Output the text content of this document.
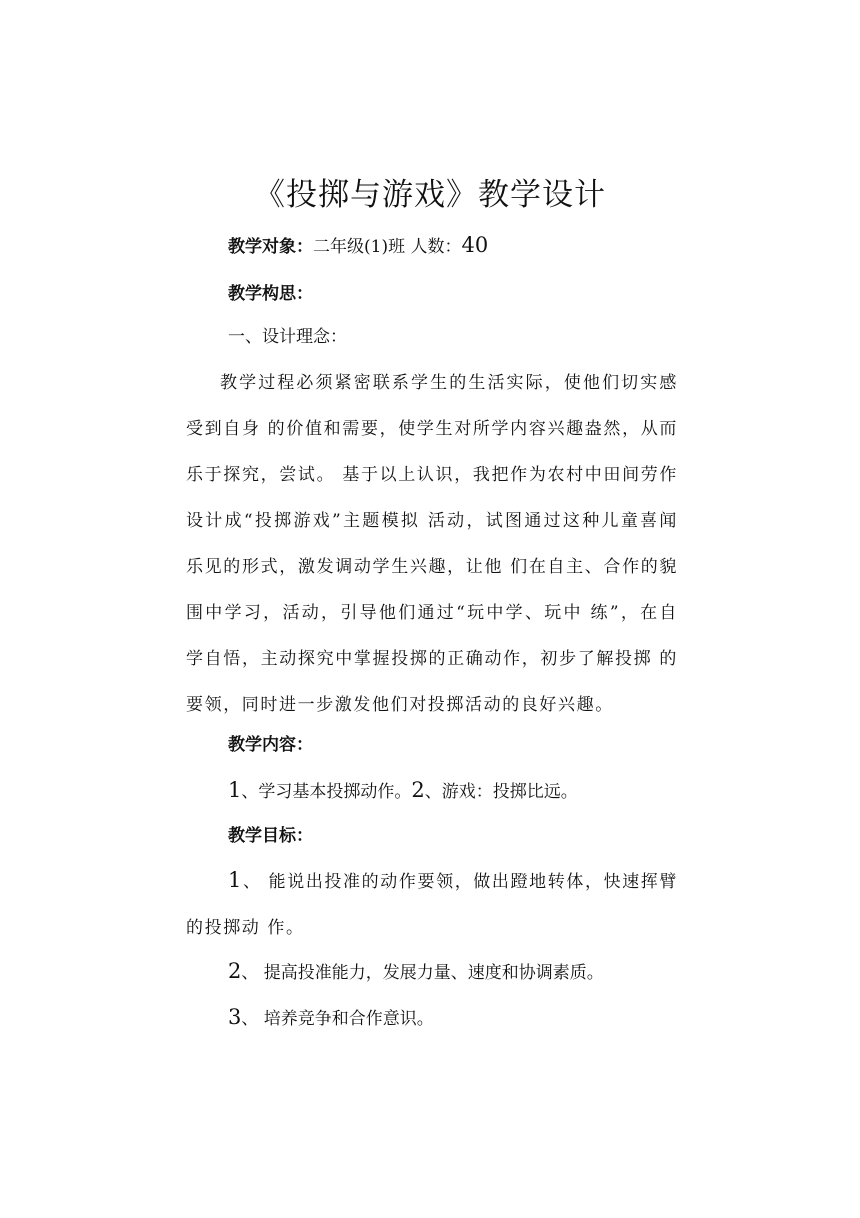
《投掷与游戏》教学设计
教学对象：二年级(1)班 人数：40
教学构思：
一、设计理念：
教学过程必须紧密联系学生的生活实际，使他们切实感受到自身 的价值和需要，使学生对所学内容兴趣盎然，从而乐于探究，尝试。 基于以上认识，我把作为农村中田间劳作设计成“投掷游戏”主题模拟 活动，试图通过这种儿童喜闻乐见的形式，激发调动学生兴趣，让他 们在自主、合作的貌围中学习，活动，引导他们通过“玩中学、玩中 练”，在自学自悟，主动探究中掌握投掷的正确动作，初步了解投掷 的要领，同时进一步激发他们对投掷活动的良好兴趣。
教学内容：
1、学习基本投掷动作。2、游戏：投掷比远。
教学目标：
1、 能说出投准的动作要领，做出蹬地转体，快速挥臂的投掷动 作。
2、 提高投准能力，发展力量、速度和协调素质。
3、 培养竞争和合作意识。
